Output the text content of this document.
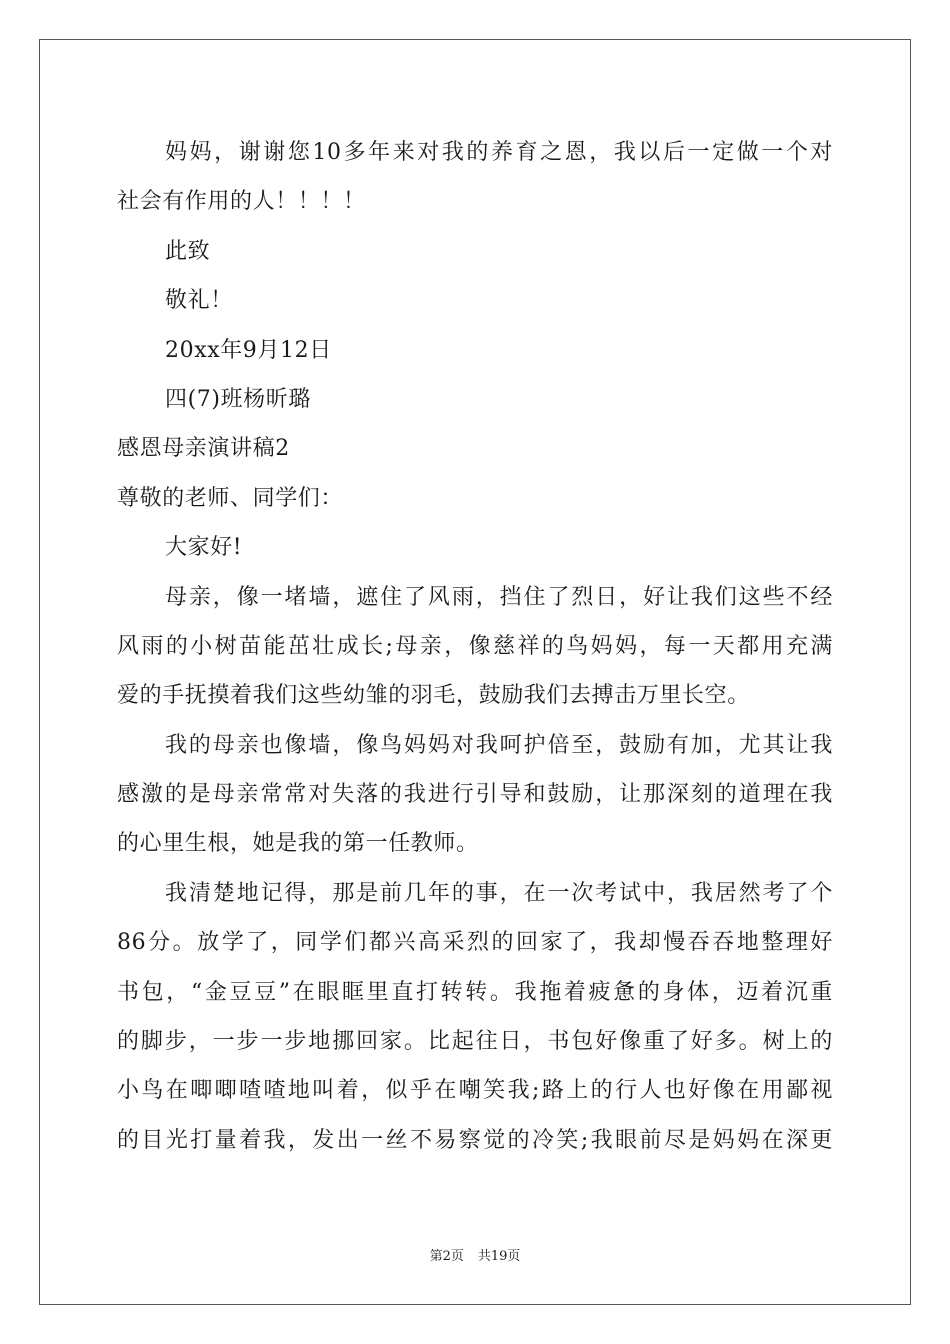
妈妈，谢谢您10多年来对我的养育之恩，我以后一定做一个对
社会有作用的人！！！！
此致
敬礼！
20xx年9月12日
四(7)班杨昕璐
感恩母亲演讲稿2
尊敬的老师、同学们：
大家好!
母亲，像一堵墙，遮住了风雨，挡住了烈日，好让我们这些不经
风雨的小树苗能茁壮成长;母亲，像慈祥的鸟妈妈，每一天都用充满
爱的手抚摸着我们这些幼雏的羽毛，鼓励我们去搏击万里长空。
我的母亲也像墙，像鸟妈妈对我呵护倍至，鼓励有加，尤其让我
感激的是母亲常常对失落的我进行引导和鼓励，让那深刻的道理在我
的心里生根，她是我的第一任教师。
我清楚地记得，那是前几年的事，在一次考试中，我居然考了个
86分。放学了，同学们都兴高采烈的回家了，我却慢吞吞地整理好
书包，“金豆豆”在眼眶里直打转转。我拖着疲惫的身体，迈着沉重
的脚步，一步一步地挪回家。比起往日，书包好像重了好多。树上的
小鸟在唧唧喳喳地叫着，似乎在嘲笑我;路上的行人也好像在用鄙视
的目光打量着我，发出一丝不易察觉的冷笑;我眼前尽是妈妈在深更
第2页 共19页
